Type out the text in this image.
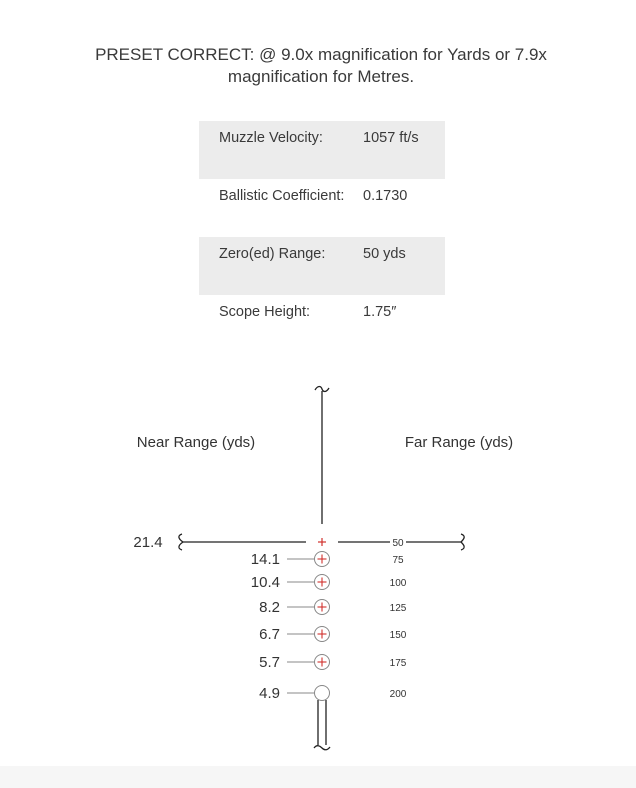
PRESET CORRECT: @ 9.0x magnification for Yards or 7.9x magnification for Metres.
Muzzle Velocity:	1057 ft/s
Ballistic Coefficient:	0.1730
Zero(ed) Range:	50 yds
Scope Height:	1.75″
Near Range (yds)	Far Range (yds)
21.4	50
14.1	75
10.4	100
8.2	125
6.7	150
5.7	175
4.9	200
